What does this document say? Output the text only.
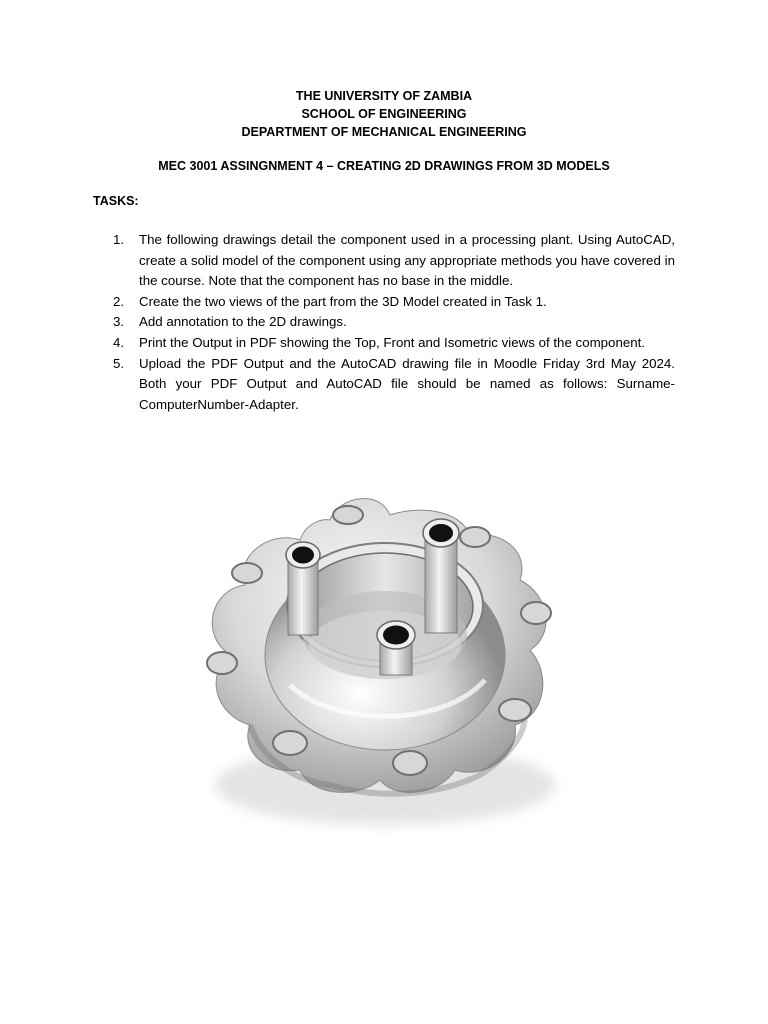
THE UNIVERSITY OF ZAMBIA
SCHOOL OF ENGINEERING
DEPARTMENT OF MECHANICAL ENGINEERING
MEC 3001 ASSINGNMENT 4 – CREATING 2D DRAWINGS FROM 3D MODELS
TASKS:
1. The following drawings detail the component used in a processing plant. Using AutoCAD, create a solid model of the component using any appropriate methods you have covered in the course. Note that the component has no base in the middle.
2. Create the two views of the part from the 3D Model created in Task 1.
3. Add annotation to the 2D drawings.
4. Print the Output in PDF showing the Top, Front and Isometric views of the component.
5. Upload the PDF Output and the AutoCAD drawing file in Moodle Friday 3rd May 2024. Both your PDF Output and AutoCAD file should be named as follows: Surname-ComputerNumber-Adapter.
